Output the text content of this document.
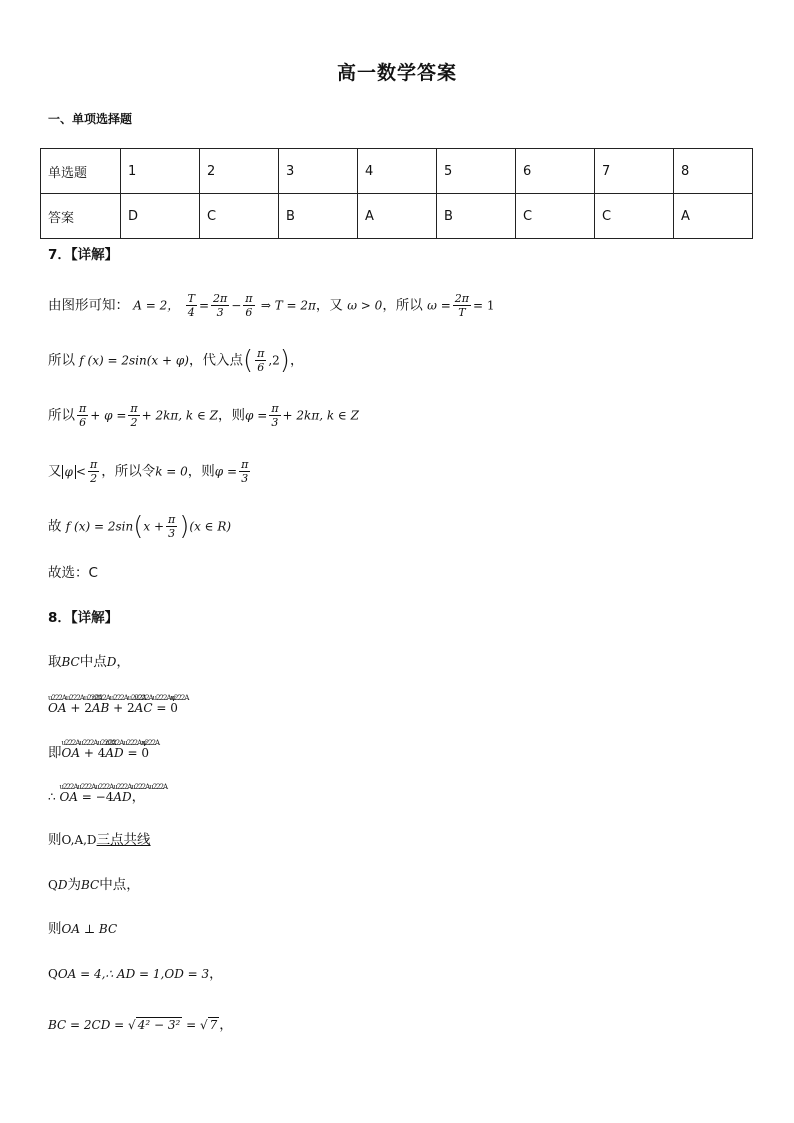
高一数学答案
一、单项选择题
单选题	1	2	3	4	5	6	7	8
答案	D	C	B	A	B	C	C	A
7．【详解】
由图形可知： A = 2， $\frac{T}{4} = \frac{2\pi}{3} - \frac{\pi}{6}$ ⇒ T = 2π，又 ω > 0，所以 $\omega = \frac{2\pi}{T} = 1$
所以 f (x) = 2sin(x + φ)，代入点( $\frac{\pi}{6} ,2$)，
所以 $\frac{\pi}{6} + \varphi = \frac{\pi}{2} + 2k\pi$, k ∈ Z，则$\varphi = \frac{\pi}{3} + 2k\pi$, k ∈ Z
又 $\varphi < \frac{\pi}{2}$ ，所以令k = 0，则$\varphi = \frac{\pi}{3}$
故 f $(x) = 2\sin(x + \frac{\pi}{3} )(x$ ∈ R)
故选：C
8．【详解】
取BC中点D，
u222Au222Au222A OA + 2u222Au222Au222A AB + 2u222Au222Au222A AC = v 0
即u222Au222Au222A OA + 4u222Au222Au222A AD = v 0
∴ u222Au222Au222A OA = −4u222Au222Au222A AD，
则O,A,D三点共线
QD为BC中点，
则OA ⊥ BC
QOA = 4,∴ AD = 1,OD = 3，
BC = 2CD = √ 4² − 3² = √ 7 ，
